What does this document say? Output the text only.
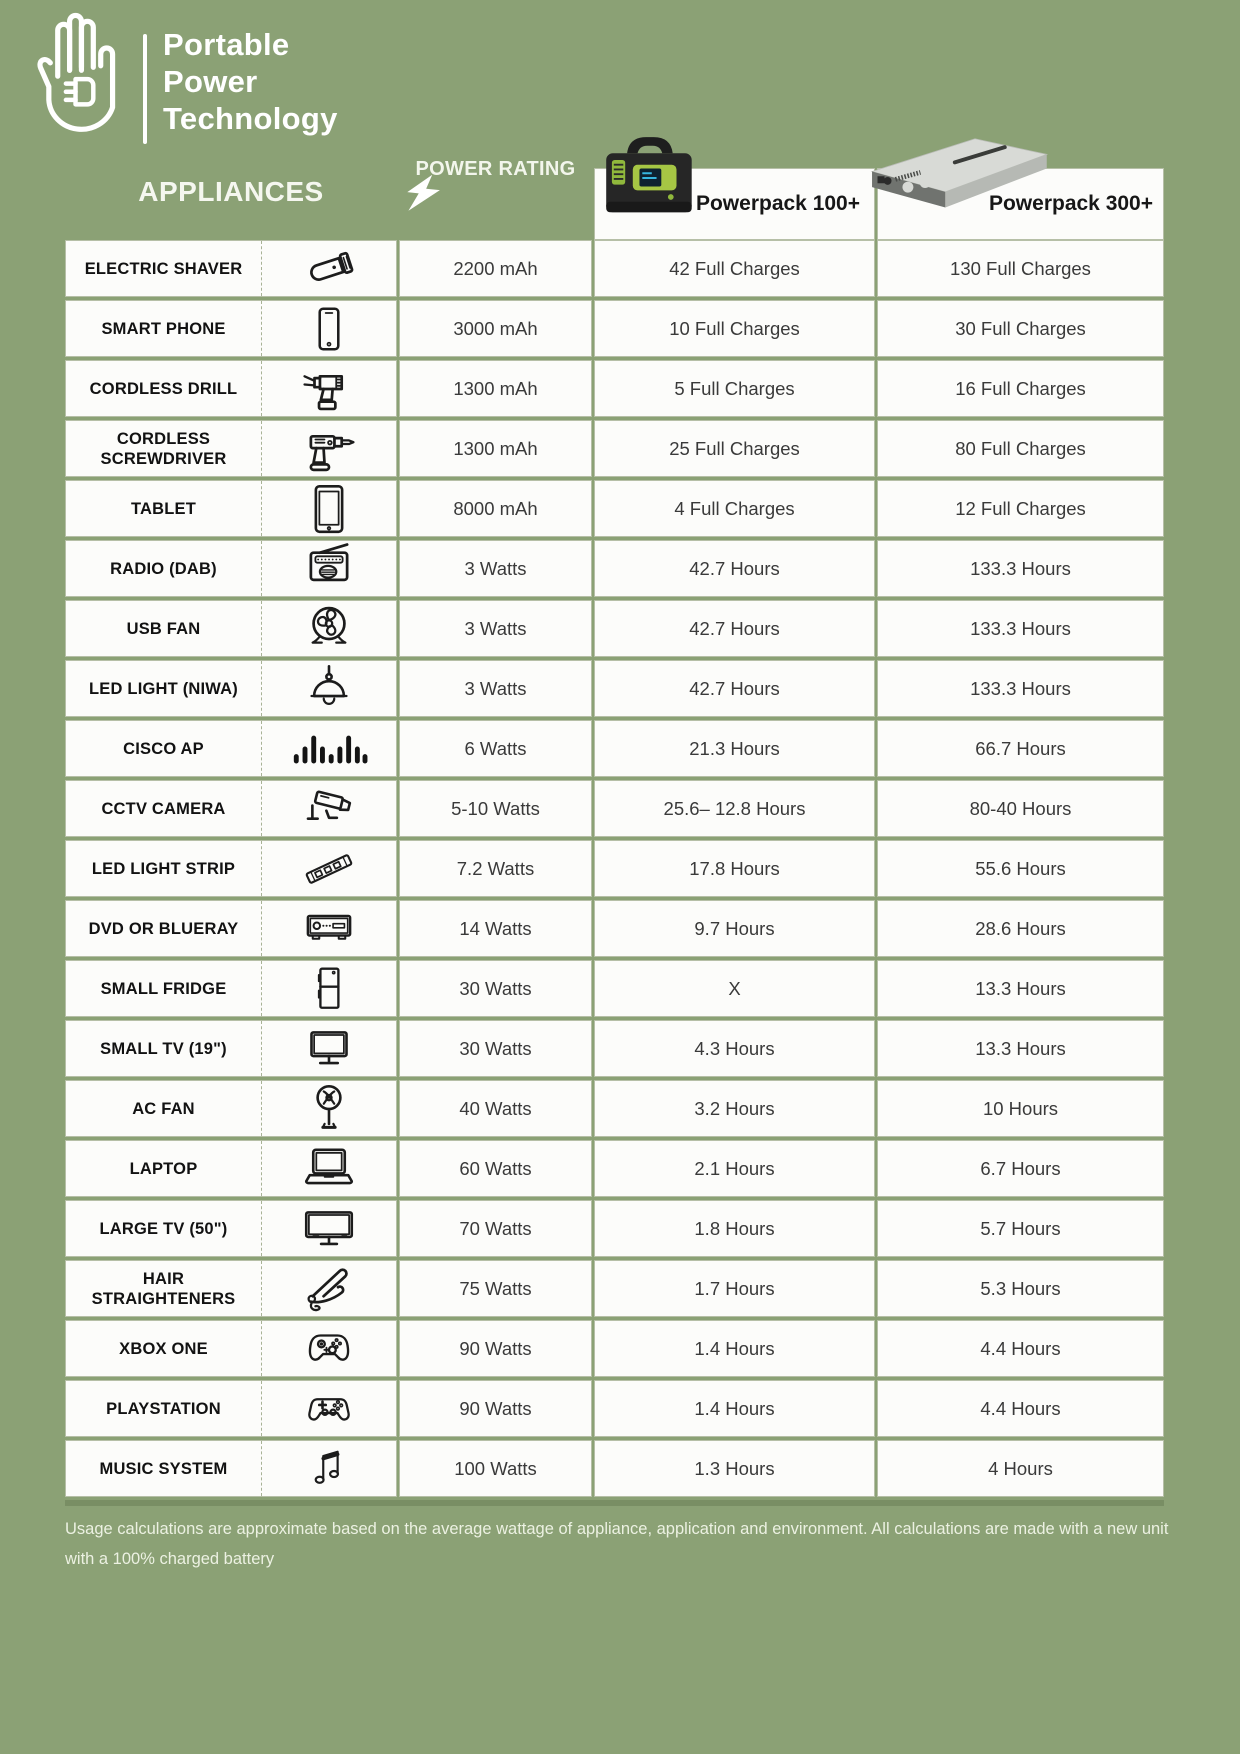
Portable
Power
Technology
APPLIANCES
POWER RATING
Powerpack 100+	Powerpack 300+
ELECTRIC SHAVER	2200 mAh	42 Full Charges	130 Full Charges
SMART PHONE	3000 mAh	10 Full Charges	30 Full Charges
CORDLESS DRILL	1300 mAh	5 Full Charges	16 Full Charges
CORDLESS SCREWDRIVER	1300 mAh	25 Full Charges	80 Full Charges
TABLET	8000 mAh	4 Full Charges	12 Full Charges
RADIO (DAB)	3 Watts	42.7 Hours	133.3 Hours
USB FAN	3 Watts	42.7 Hours	133.3 Hours
LED LIGHT (NIWA)	3 Watts	42.7 Hours	133.3 Hours
CISCO AP	6 Watts	21.3 Hours	66.7 Hours
CCTV CAMERA	5-10 Watts	25.6– 12.8 Hours	80-40 Hours
LED LIGHT STRIP	7.2 Watts	17.8 Hours	55.6 Hours
DVD OR BLUERAY	14 Watts	9.7 Hours	28.6 Hours
SMALL FRIDGE	30 Watts	X	13.3 Hours
SMALL TV (19")	30 Watts	4.3 Hours	13.3 Hours
AC FAN	40 Watts	3.2 Hours	10 Hours
LAPTOP	60 Watts	2.1 Hours	6.7 Hours
LARGE TV (50")	70 Watts	1.8 Hours	5.7 Hours
HAIR STRAIGHTENERS	75 Watts	1.7 Hours	5.3 Hours
XBOX ONE	90 Watts	1.4 Hours	4.4 Hours
PLAYSTATION	90 Watts	1.4 Hours	4.4 Hours
MUSIC SYSTEM	100 Watts	1.3 Hours	4 Hours
Usage calculations are approximate based on the average wattage of appliance, application and environment. All calculations are made with a new unit
with a 100% charged battery
